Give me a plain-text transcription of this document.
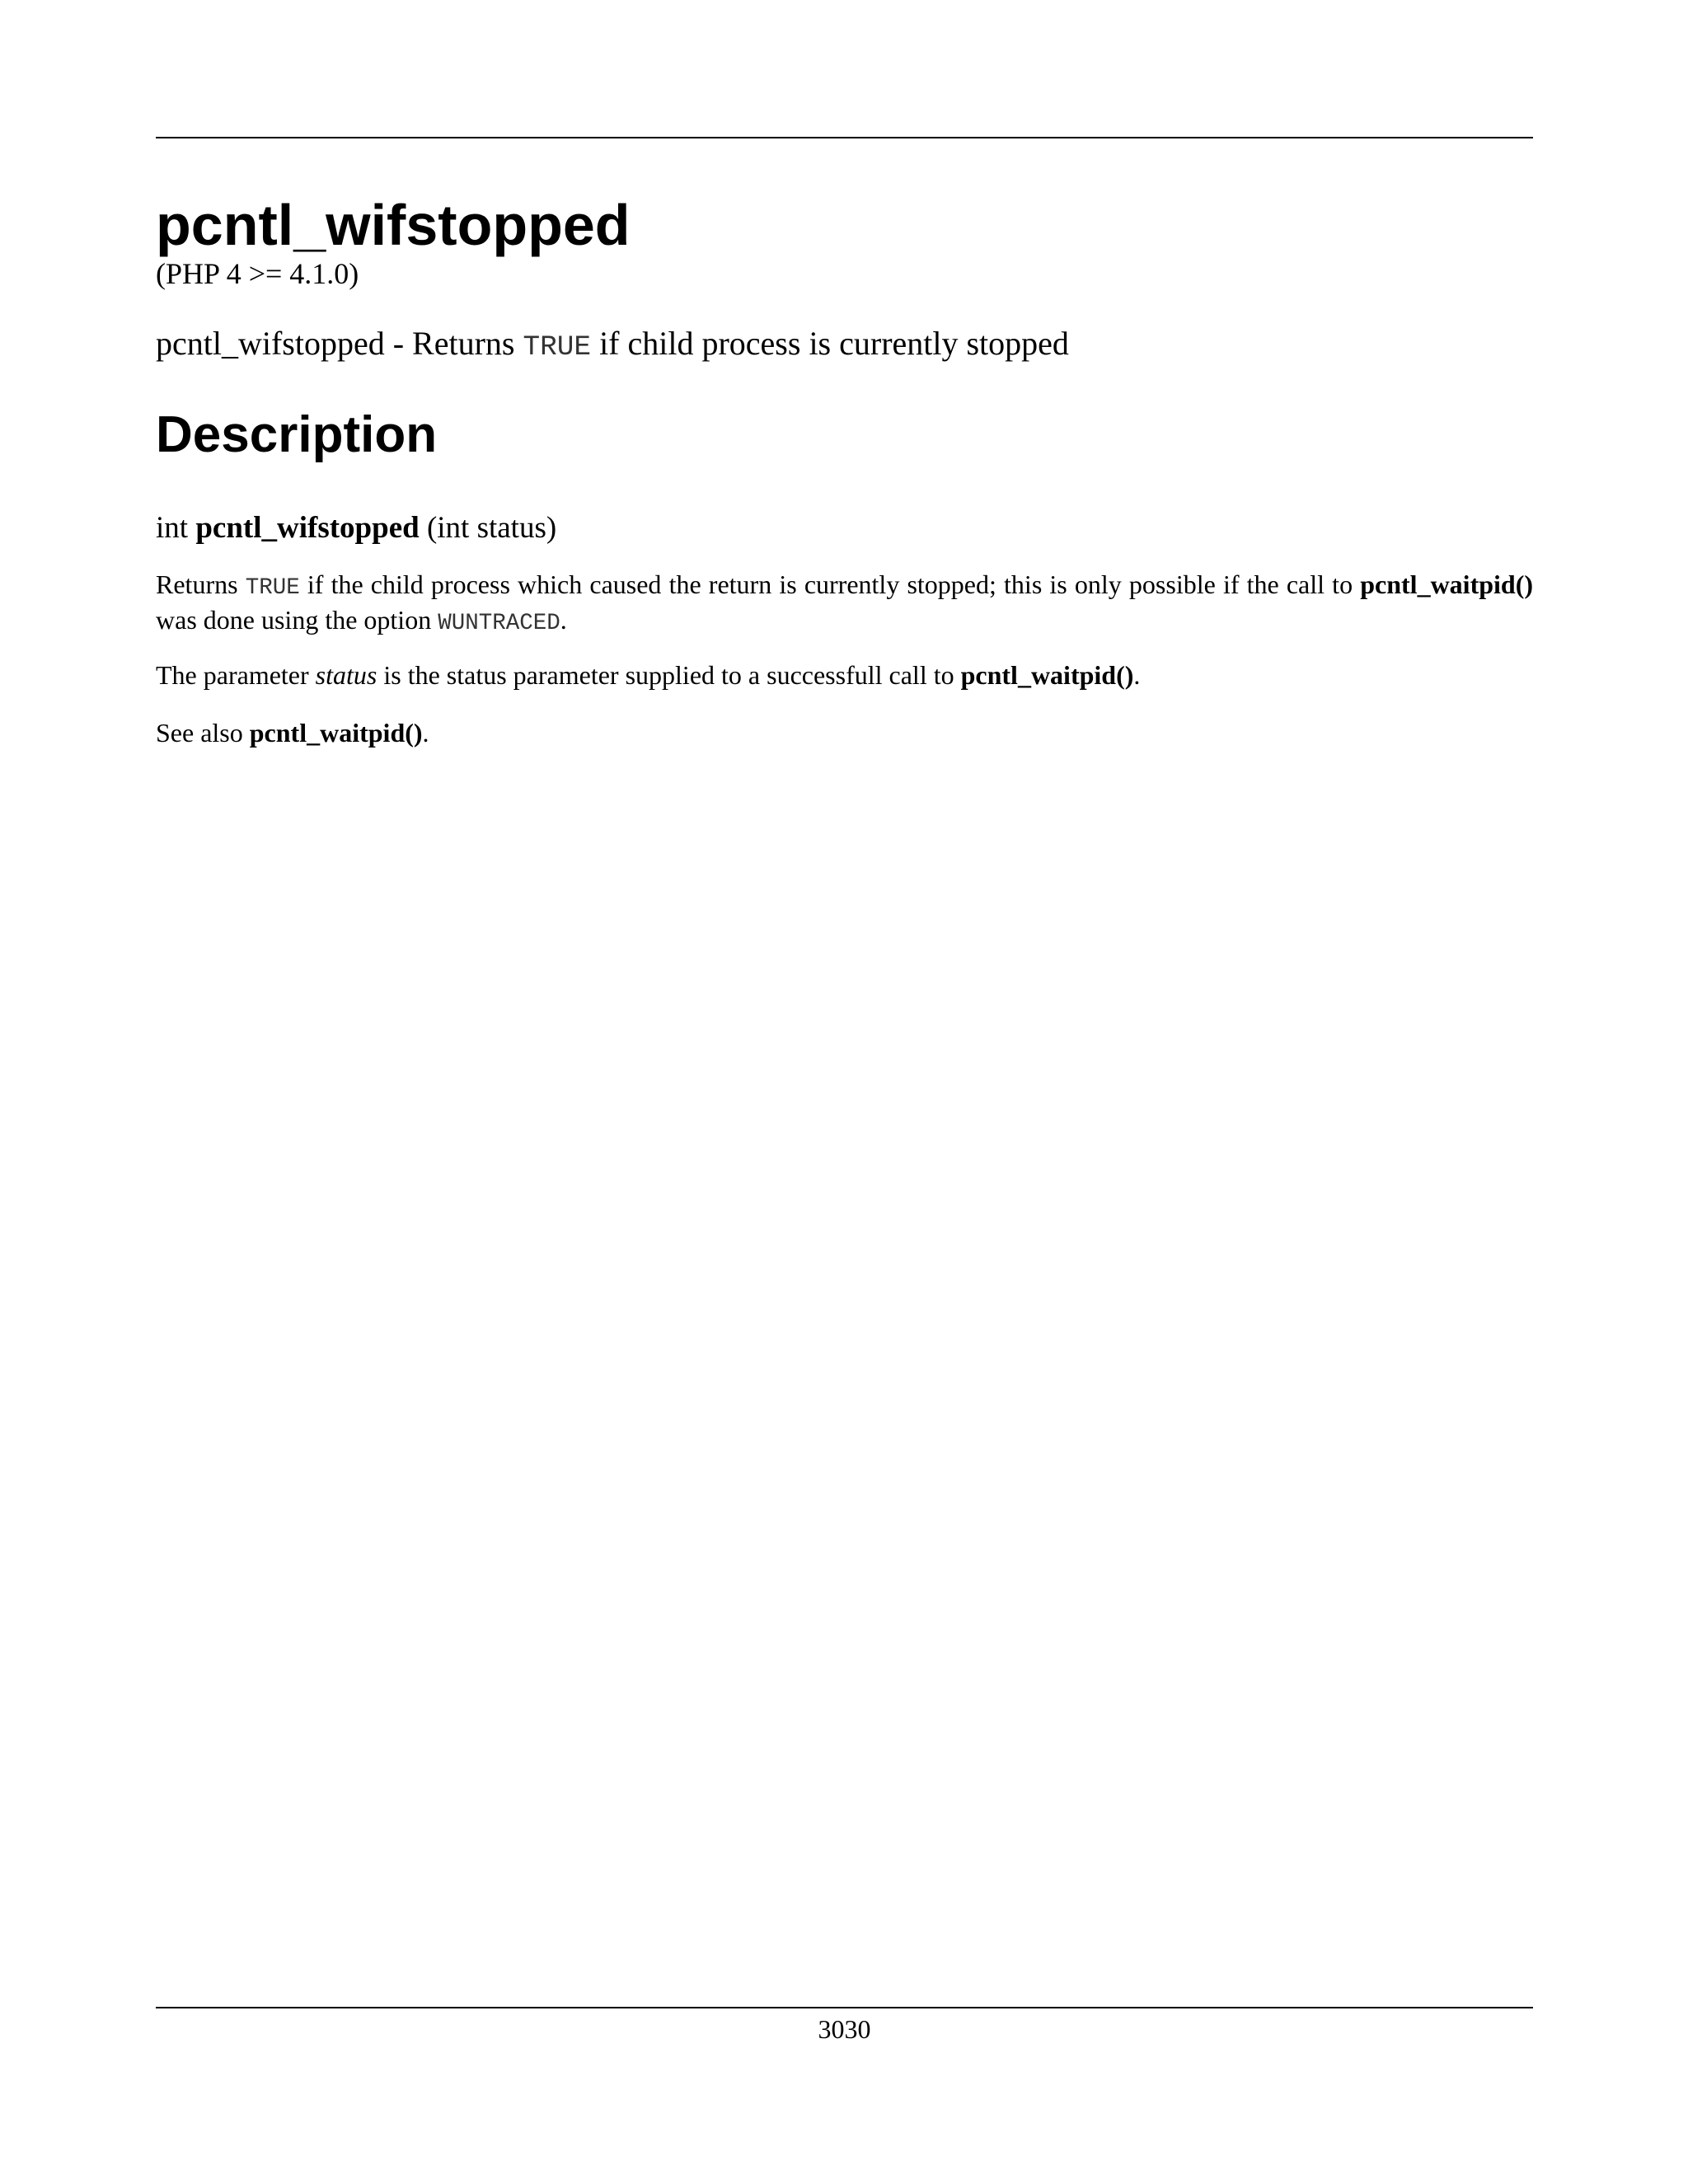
pcntl_wifstopped
(PHP 4 >= 4.1.0)
pcntl_wifstopped - Returns TRUE if child process is currently stopped
Description
int pcntl_wifstopped (int status)

Returns TRUE if the child process which caused the return is currently stopped; this is only possible if the call to pcntl_waitpid() was done using the option WUNTRACED.

The parameter status is the status parameter supplied to a successfull call to pcntl_waitpid().

See also pcntl_waitpid().

3030
